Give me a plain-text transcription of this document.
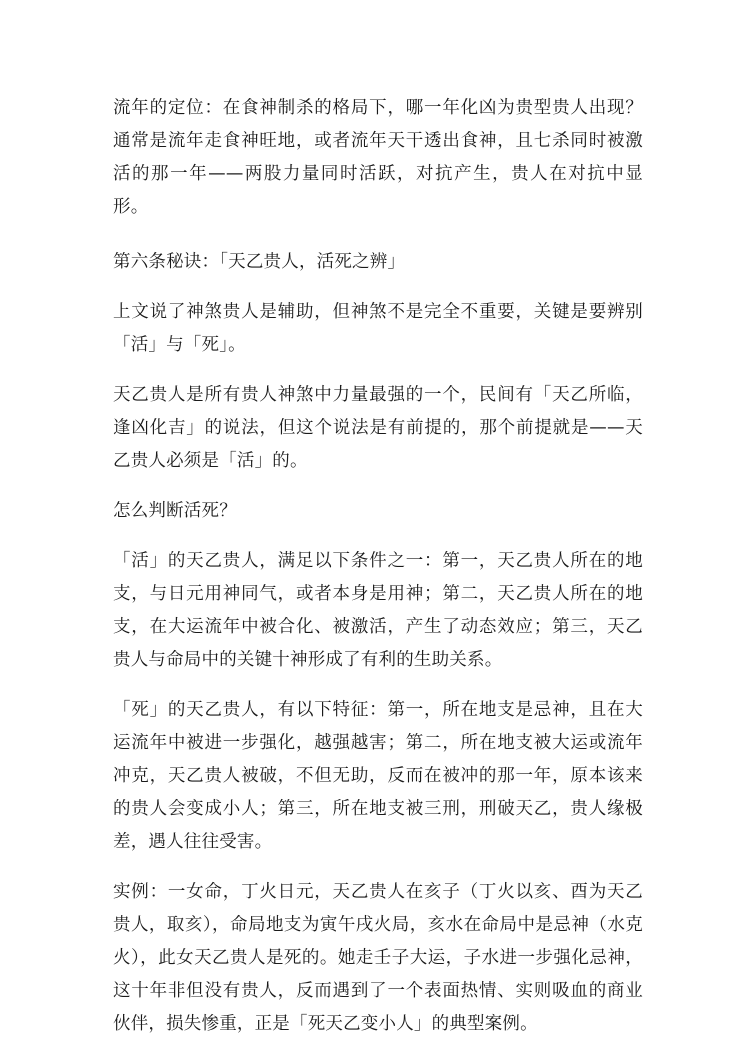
流年的定位：在食神制杀的格局下，哪一年化凶为贵型贵人出现？通常是流年走食神旺地，或者流年天干透出食神，且七杀同时被激活的那一年——两股力量同时活跃，对抗产生，贵人在对抗中显形。

第六条秘诀：「天乙贵人，活死之辨」

上文说了神煞贵人是辅助，但神煞不是完全不重要，关键是要辨别「活」与「死」。

天乙贵人是所有贵人神煞中力量最强的一个，民间有「天乙所临，逢凶化吉」的说法，但这个说法是有前提的，那个前提就是——天乙贵人必须是「活」的。

怎么判断活死？

「活」的天乙贵人，满足以下条件之一：第一，天乙贵人所在的地支，与日元用神同气，或者本身是用神；第二，天乙贵人所在的地支，在大运流年中被合化、被激活，产生了动态效应；第三，天乙贵人与命局中的关键十神形成了有利的生助关系。

「死」的天乙贵人，有以下特征：第一，所在地支是忌神，且在大运流年中被进一步强化，越强越害；第二，所在地支被大运或流年冲克，天乙贵人被破，不但无助，反而在被冲的那一年，原本该来的贵人会变成小人；第三，所在地支被三刑，刑破天乙，贵人缘极差，遇人往往受害。

实例：一女命，丁火日元，天乙贵人在亥子（丁火以亥、酉为天乙贵人，取亥），命局地支为寅午戌火局，亥水在命局中是忌神（水克火），此女天乙贵人是死的。她走壬子大运，子水进一步强化忌神，这十年非但没有贵人，反而遇到了一个表面热情、实则吸血的商业伙伴，损失惨重，正是「死天乙变小人」的典型案例。
